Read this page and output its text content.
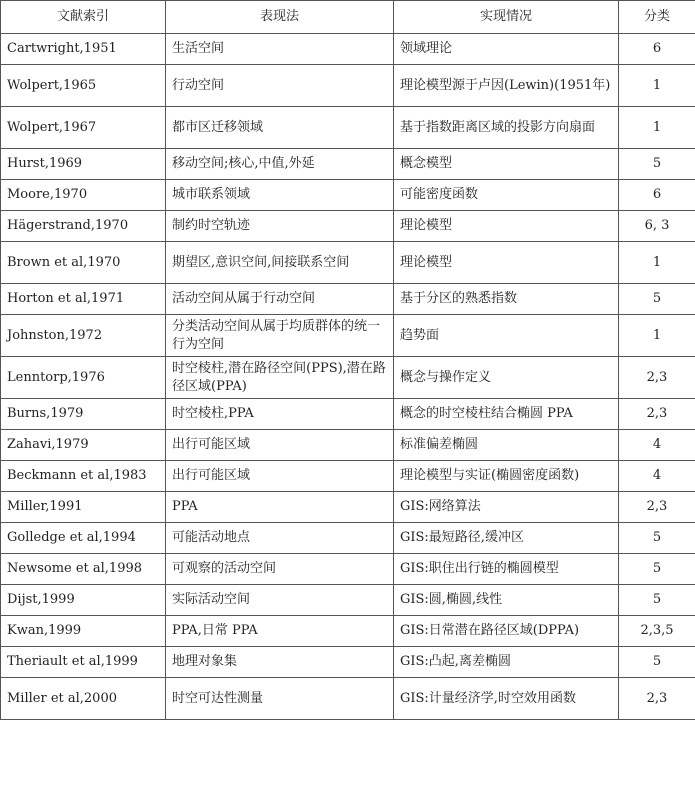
文献索引	表现法	实现情况	分类
Cartwright,1951	生活空间	领域理论	6
Wolpert,1965	行动空间	理论模型源于卢因(Lewin)(1951年)	1
Wolpert,1967	都市区迁移领域	基于指数距离区域的投影方向扇面	1
Hurst,1969	移动空间;核心,中值,外延	概念模型	5
Moore,1970	城市联系领域	可能密度函数	6
Hägerstrand,1970	制约时空轨迹	理论模型	6, 3
Brown et al,1970	期望区,意识空间,间接联系空间	理论模型	1
Horton et al,1971	活动空间从属于行动空间	基于分区的熟悉指数	5
Johnston,1972	分类活动空间从属于均质群体的统一行为空间	趋势面	1
Lenntorp,1976	时空棱柱,潜在路径空间(PPS),潜在路径区域(PPA)	概念与操作定义	2,3
Burns,1979	时空棱柱,PPA	概念的时空棱柱结合椭圆 PPA	2,3
Zahavi,1979	出行可能区域	标准偏差椭圆	4
Beckmann et al,1983	出行可能区域	理论模型与实证(椭圆密度函数)	4
Miller,1991	PPA	GIS:网络算法	2,3
Golledge et al,1994	可能活动地点	GIS:最短路径,缓冲区	5
Newsome et al,1998	可观察的活动空间	GIS:职住出行链的椭圆模型	5
Dijst,1999	实际活动空间	GIS:圆,椭圆,线性	5
Kwan,1999	PPA,日常 PPA	GIS:日常潜在路径区域(DPPA)	2,3,5
Theriault et al,1999	地理对象集	GIS:凸起,离差椭圆	5
Miller et al,2000	时空可达性测量	GIS:计量经济学,时空效用函数	2,3
